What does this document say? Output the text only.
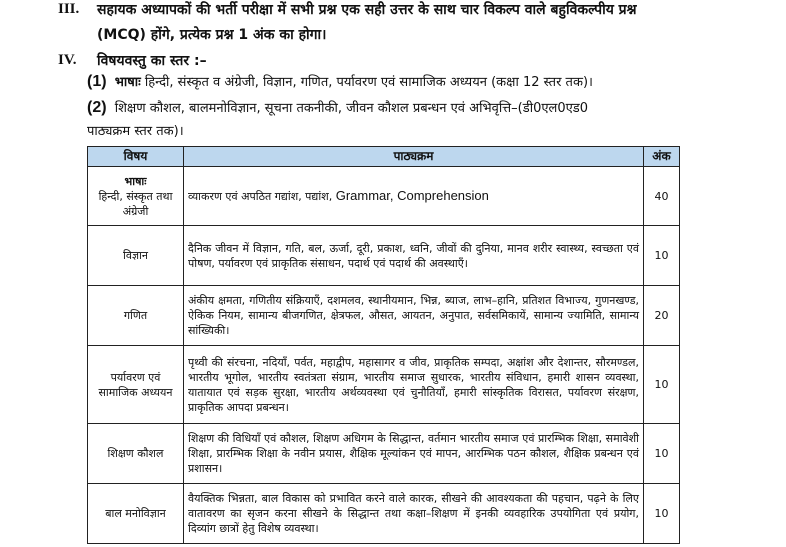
III. सहायक अध्यापकों की भर्ती परीक्षा में सभी प्रश्न एक सही उत्तर के साथ चार विकल्प वाले बहुविकल्पीय प्रश्न
(MCQ) होंगे, प्रत्येक प्रश्न 1 अंक का होगा।
IV. विषयवस्तु का स्तर :–
(1) भाषाः हिन्दी, संस्कृत व अंग्रेजी, विज्ञान, गणित, पर्यावरण एवं सामाजिक अध्ययन (कक्षा 12 स्तर तक)।
(2) शिक्षण कौशल, बालमनोविज्ञान, सूचना तकनीकी, जीवन कौशल प्रबन्धन एवं अभिवृत्ति–(डी0एल0एड0
पाठ्यक्रम स्तर तक)।
विषय	पाठ्यक्रम	अंक

भाषाः
हिन्दी, संस्कृत तथा अंग्रेजी	व्याकरण एवं अपठित गद्यांश, पद्यांश, Grammar, Comprehension	40
विज्ञान	दैनिक जीवन में विज्ञान, गति, बल, ऊर्जा, दूरी, प्रकाश, ध्वनि, जीवों की दुनिया, मानव शरीर स्वास्थ्य, स्वच्छता एवं पोषण, पर्यावरण एवं प्राकृतिक संसाधन, पदार्थ एवं पदार्थ की अवस्थाएँ।	10
गणित	अंकीय क्षमता, गणितीय संक्रियाएँ, दशमलव, स्थानीयमान, भिन्न, ब्याज, लाभ–हानि, प्रतिशत विभाज्य, गुणनखण्ड, ऐकिक नियम, सामान्य बीजगणित, क्षेत्रफल, औसत, आयतन, अनुपात, सर्वसमिकायें, सामान्य ज्यामिति, सामान्य सांख्यिकी।	20
पर्यावरण एवं सामाजिक अध्ययन	पृथ्वी की संरचना, नदियाँ, पर्वत, महाद्वीप, महासागर व जीव, प्राकृतिक सम्पदा, अक्षांश और देशान्तर, सौरमण्डल, भारतीय भूगोल, भारतीय स्वतंत्रता संग्राम, भारतीय समाज सुधारक, भारतीय संविधान, हमारी शासन व्यवस्था, यातायात एवं सड़क सुरक्षा, भारतीय अर्थव्यवस्था एवं चुनौतियाँ, हमारी सांस्कृतिक विरासत, पर्यावरण संरक्षण, प्राकृतिक आपदा प्रबन्धन।	10
शिक्षण कौशल	शिक्षण की विधियाँ एवं कौशल, शिक्षण अधिगम के सिद्धान्त, वर्तमान भारतीय समाज एवं प्रारम्भिक शिक्षा, समावेशी शिक्षा, प्रारम्भिक शिक्षा के नवीन प्रयास, शैक्षिक मूल्यांकन एवं मापन, आरम्भिक पठन कौशल, शैक्षिक प्रबन्धन एवं प्रशासन।	10
बाल मनोविज्ञान	वैयक्तिक भिन्नता, बाल विकास को प्रभावित करने वाले कारक, सीखने की आवश्यकता की पहचान, पढ़ने के लिए वातावरण का सृजन करना सीखने के सिद्धान्त तथा कक्षा–शिक्षण में इनकी व्यवहारिक उपयोगिता एवं प्रयोग, दिव्यांग छात्रों हेतु विशेष व्यवस्था।	10
